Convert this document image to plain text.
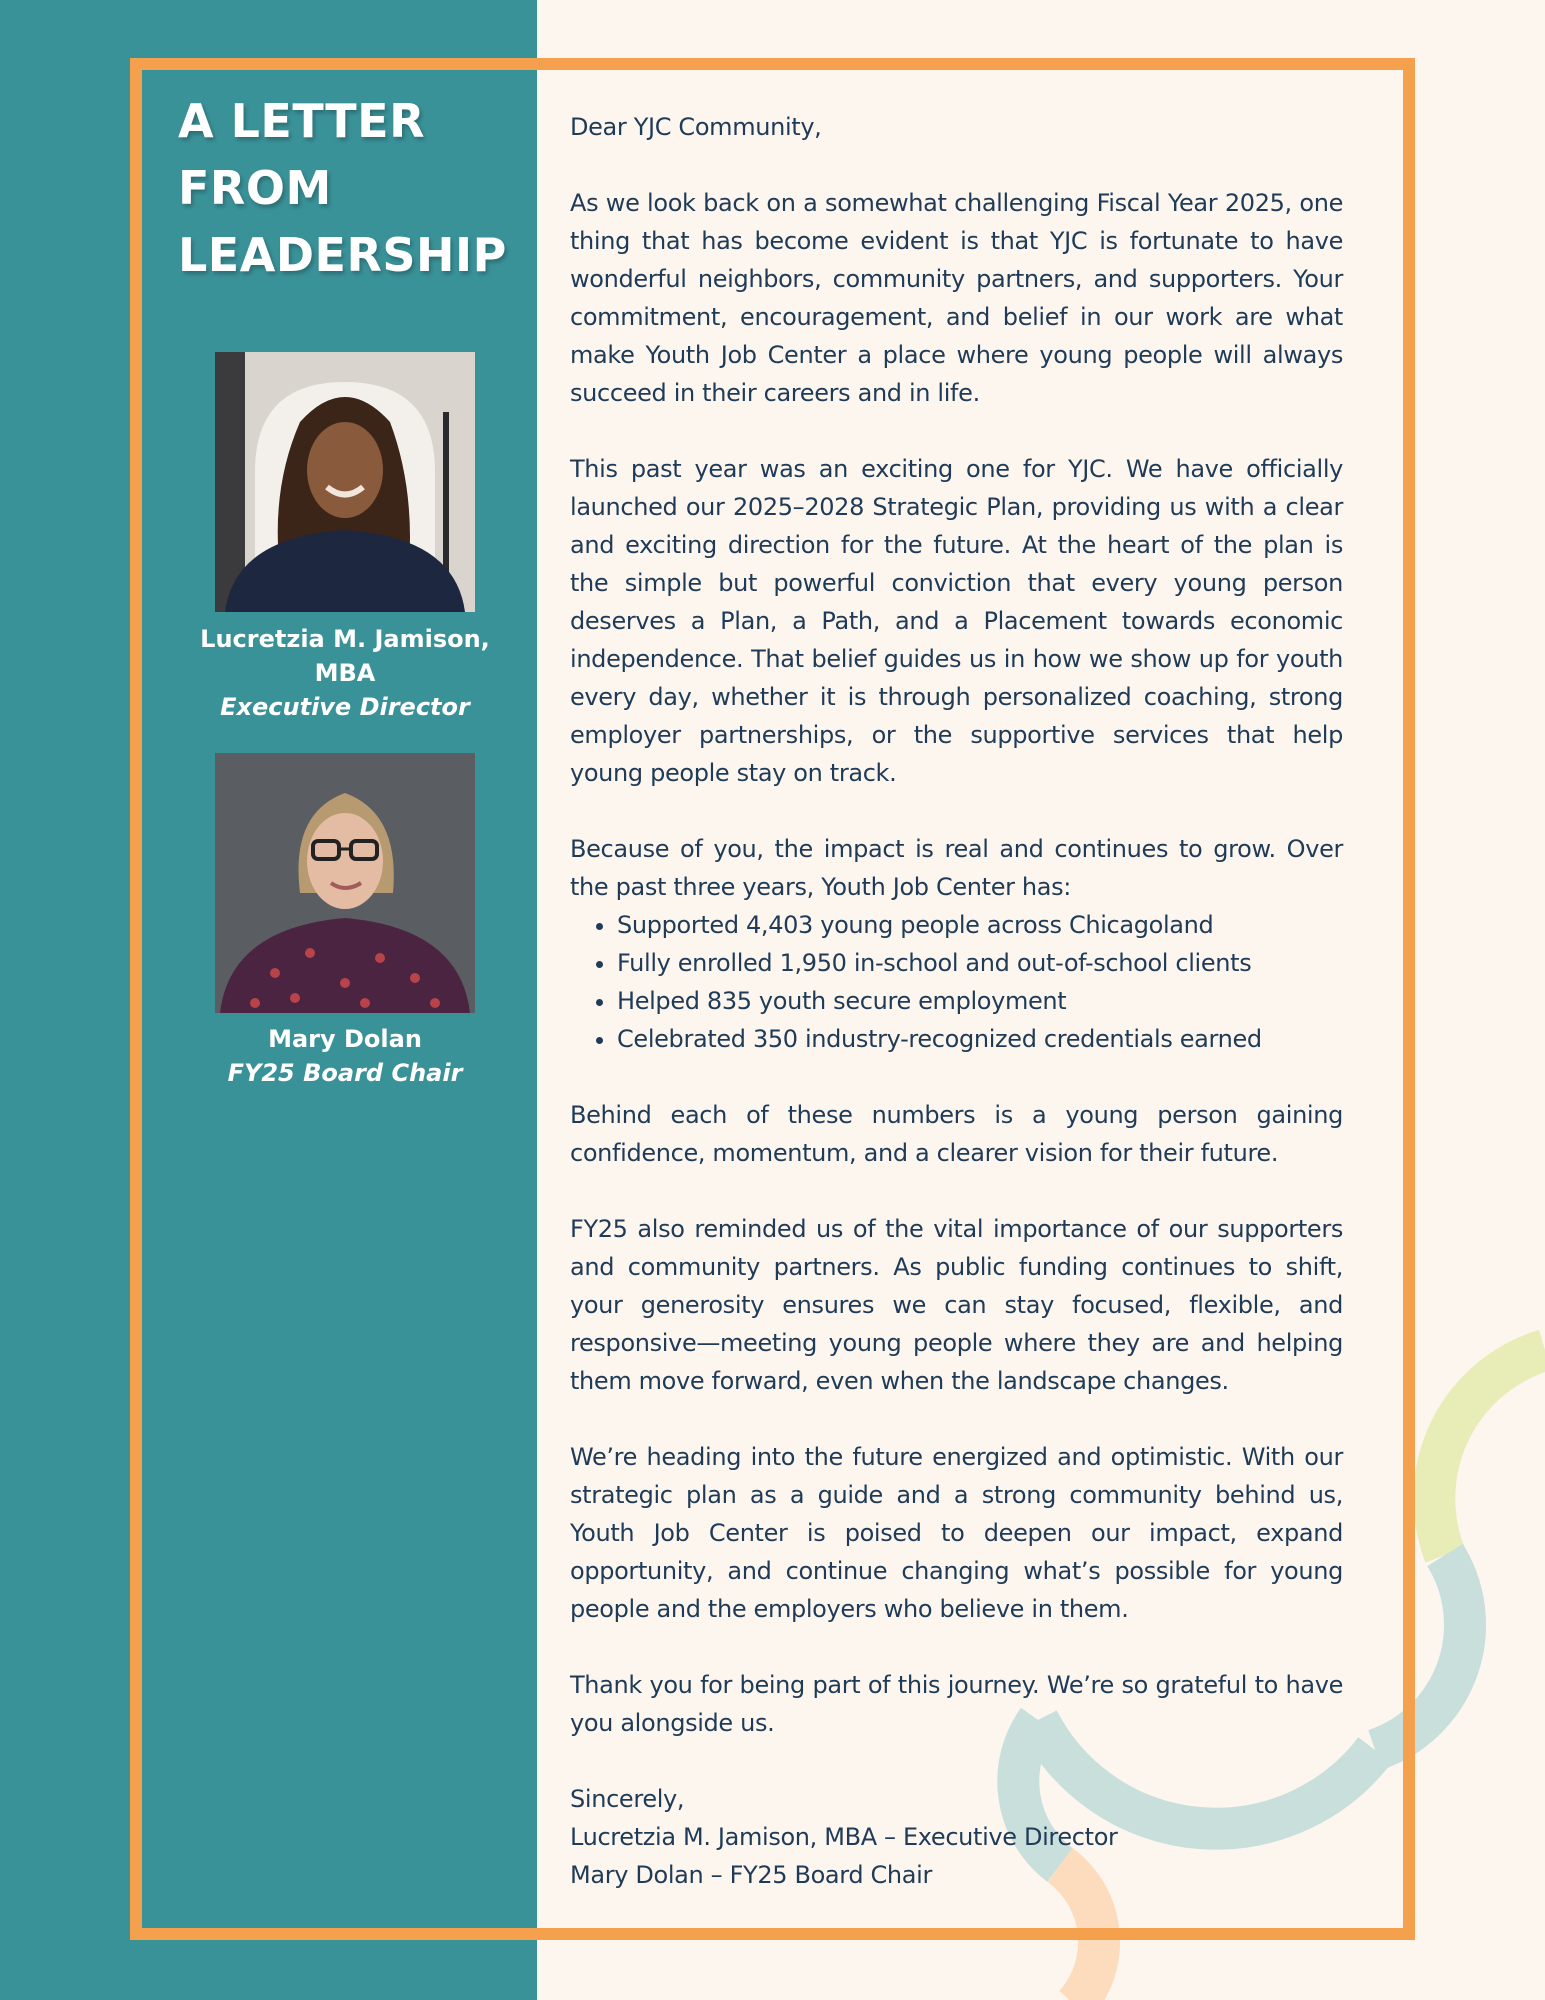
A LETTER FROM LEADERSHIP
Lucretzia M. Jamison, MBA
Executive Director
Mary Dolan
FY25 Board Chair

Dear YJC Community,

As we look back on a somewhat challenging Fiscal Year 2025, one thing that has become evident is that YJC is fortunate to have wonderful neighbors, community partners, and supporters. Your commitment, encouragement, and belief in our work are what make Youth Job Center a place where young people will always succeed in their careers and in life.

This past year was an exciting one for YJC. We have officially launched our 2025–2028 Strategic Plan, providing us with a clear and exciting direction for the future. At the heart of the plan is the simple but powerful conviction that every young person deserves a Plan, a Path, and a Placement towards economic independence. That belief guides us in how we show up for youth every day, whether it is through personalized coaching, strong employer partnerships, or the supportive services that help young people stay on track.

Because of you, the impact is real and continues to grow. Over the past three years, Youth Job Center has:

• Supported 4,403 young people across Chicagoland
• Fully enrolled 1,950 in-school and out-of-school clients
• Helped 835 youth secure employment
• Celebrated 350 industry-recognized credentials earned

Behind each of these numbers is a young person gaining confidence, momentum, and a clearer vision for their future.

FY25 also reminded us of the vital importance of our supporters and community partners. As public funding continues to shift, your generosity ensures we can stay focused, flexible, and responsive—meeting young people where they are and helping them move forward, even when the landscape changes.

We’re heading into the future energized and optimistic. With our strategic plan as a guide and a strong community behind us, Youth Job Center is poised to deepen our impact, expand opportunity, and continue changing what’s possible for young people and the employers who believe in them.

Thank you for being part of this journey. We’re so grateful to have you alongside us.

Sincerely,
Lucretzia M. Jamison, MBA – Executive Director
Mary Dolan – FY25 Board Chair
